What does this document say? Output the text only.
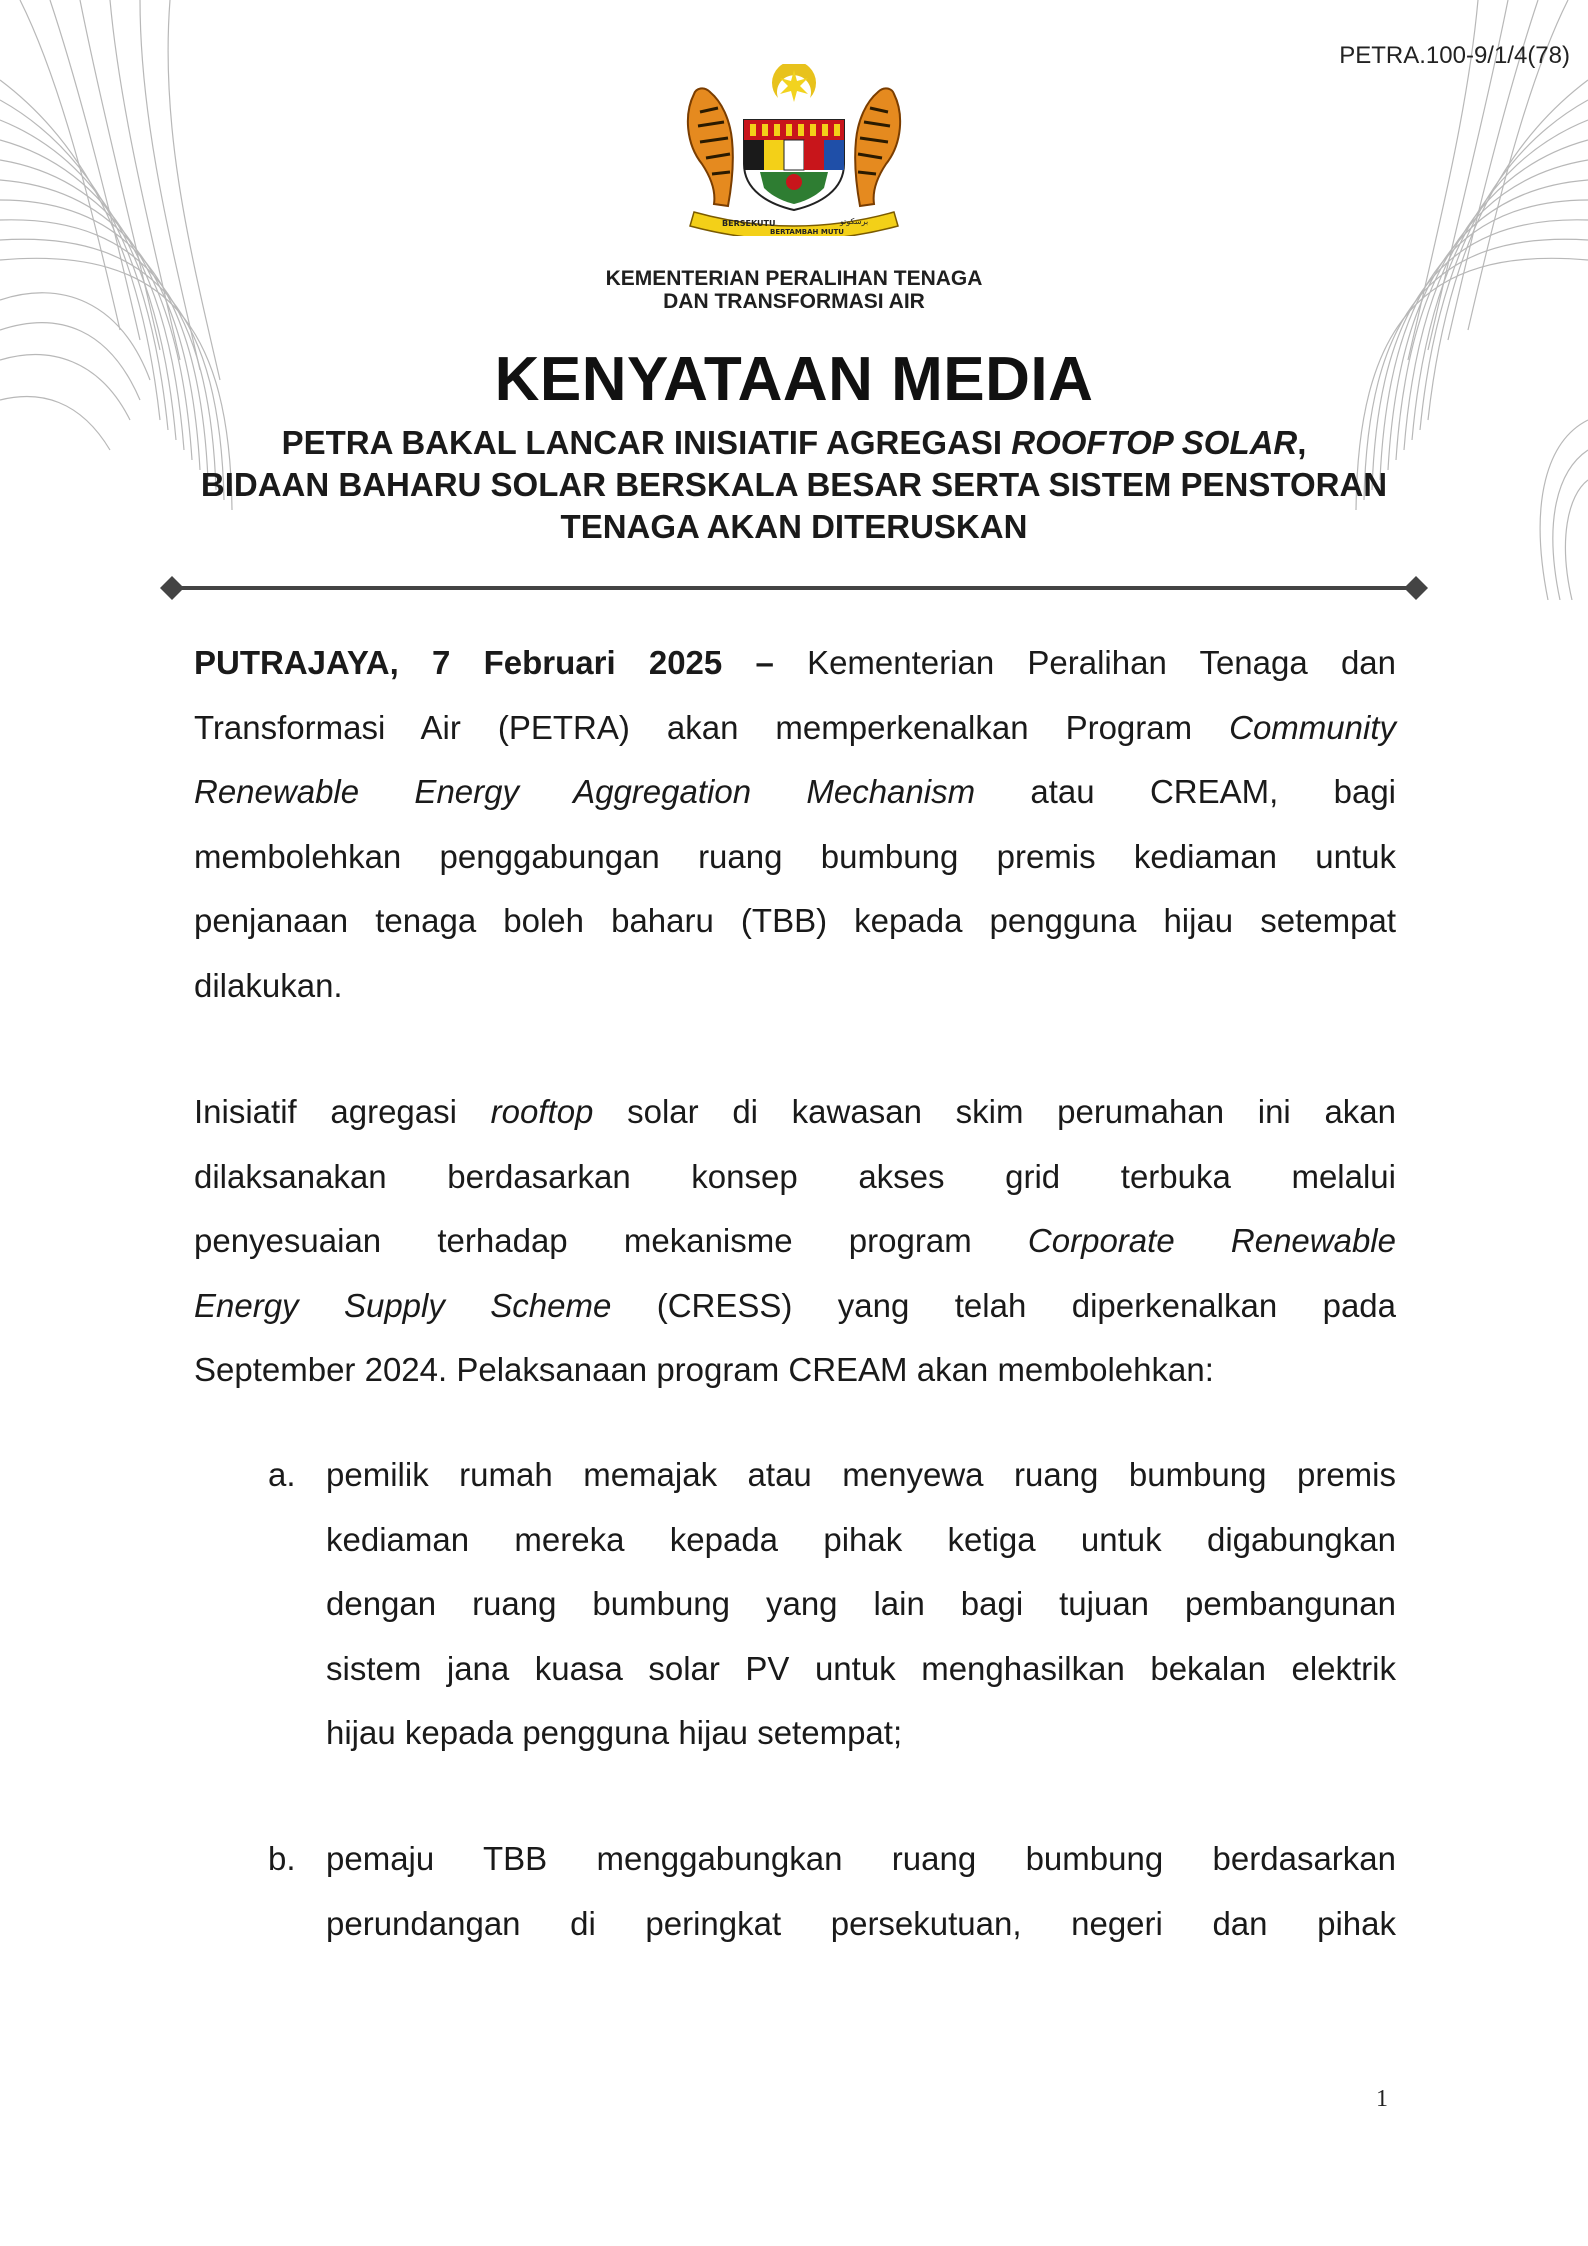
PETRA.100-9/1/4(78)
BERSEKUTU
BERTAMBAH MUTU
برسکوتو
KEMENTERIAN PERALIHAN TENAGA
DAN TRANSFORMASI AIR
KENYATAAN MEDIA
PETRA BAKAL LANCAR INISIATIF AGREGASI ROOFTOP SOLAR,
BIDAAN BAHARU SOLAR BERSKALA BESAR SERTA SISTEM PENSTORAN
TENAGA AKAN DITERUSKAN
PUTRAJAYA, 7 Februari 2025 – Kementerian Peralihan Tenaga dan
Transformasi Air (PETRA) akan memperkenalkan Program Community
Renewable Energy Aggregation Mechanism atau CREAM, bagi
membolehkan penggabungan ruang bumbung premis kediaman untuk
penjanaan tenaga boleh baharu (TBB) kepada pengguna hijau setempat
dilakukan.
Inisiatif agregasi rooftop solar di kawasan skim perumahan ini akan
dilaksanakan berdasarkan konsep akses grid terbuka melalui
penyesuaian terhadap mekanisme program Corporate Renewable
Energy Supply Scheme (CRESS) yang telah diperkenalkan pada
September 2024. Pelaksanaan program CREAM akan membolehkan:
a. pemilik rumah memajak atau menyewa ruang bumbung premis
kediaman mereka kepada pihak ketiga untuk digabungkan
dengan ruang bumbung yang lain bagi tujuan pembangunan
sistem jana kuasa solar PV untuk menghasilkan bekalan elektrik
hijau kepada pengguna hijau setempat;
b. pemaju TBB menggabungkan ruang bumbung berdasarkan
perundangan di peringkat persekutuan, negeri dan pihak
1
